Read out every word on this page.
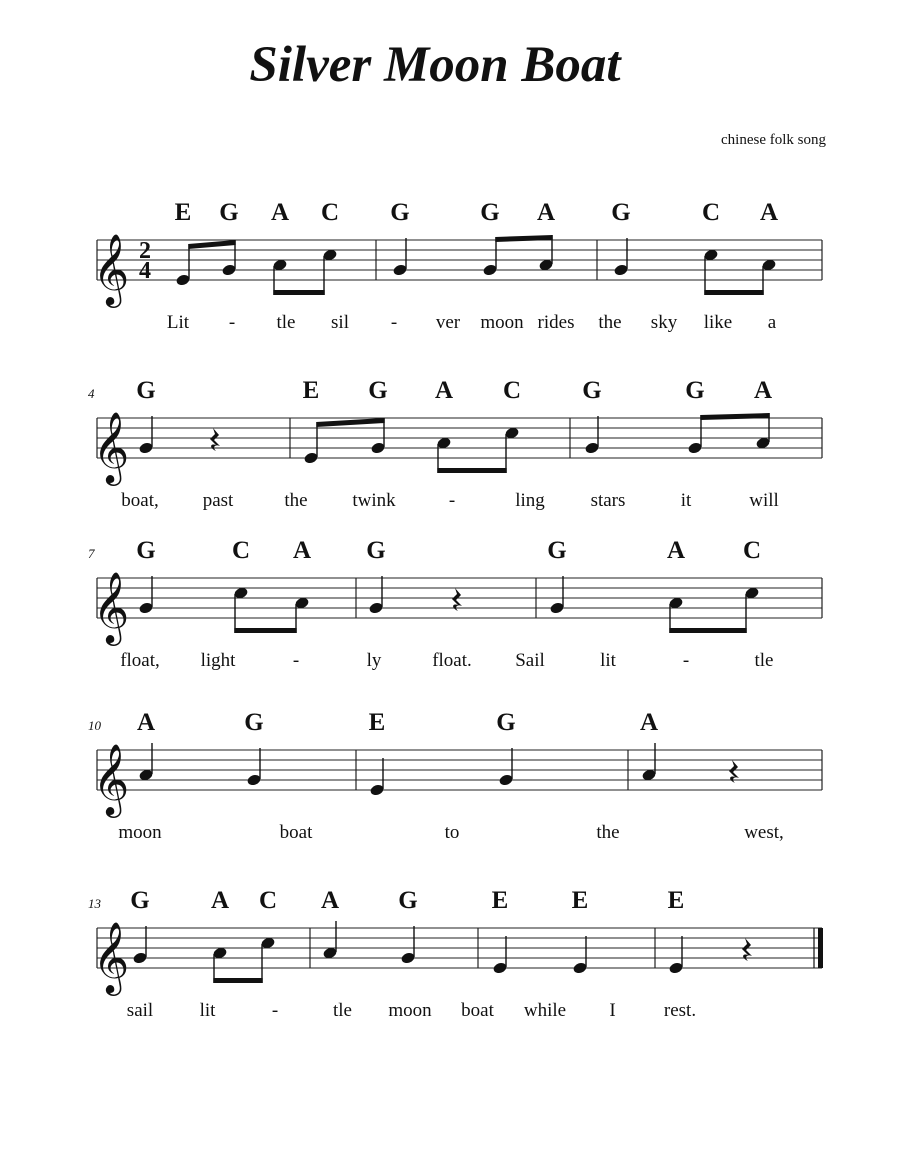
Silver Moon Boat
chinese folk song
𝄞 2
4
E G A C G	G A G	C A
𝄞
4 G	E G A C G	G A
𝄞
7 G	C A G	G	A C
𝄞
10 A	G	E	G	A
𝄞
13 G A C A G	E	E	E
Lit - tle sil - ver moon rides the sky like a
boat, past	the twink	-	ling stars	it	will
float, light	-	ly	float. Sail	lit	-	tle
moon	boat	to	the	west,
sail lit	-	tle moon boat while I	rest.
